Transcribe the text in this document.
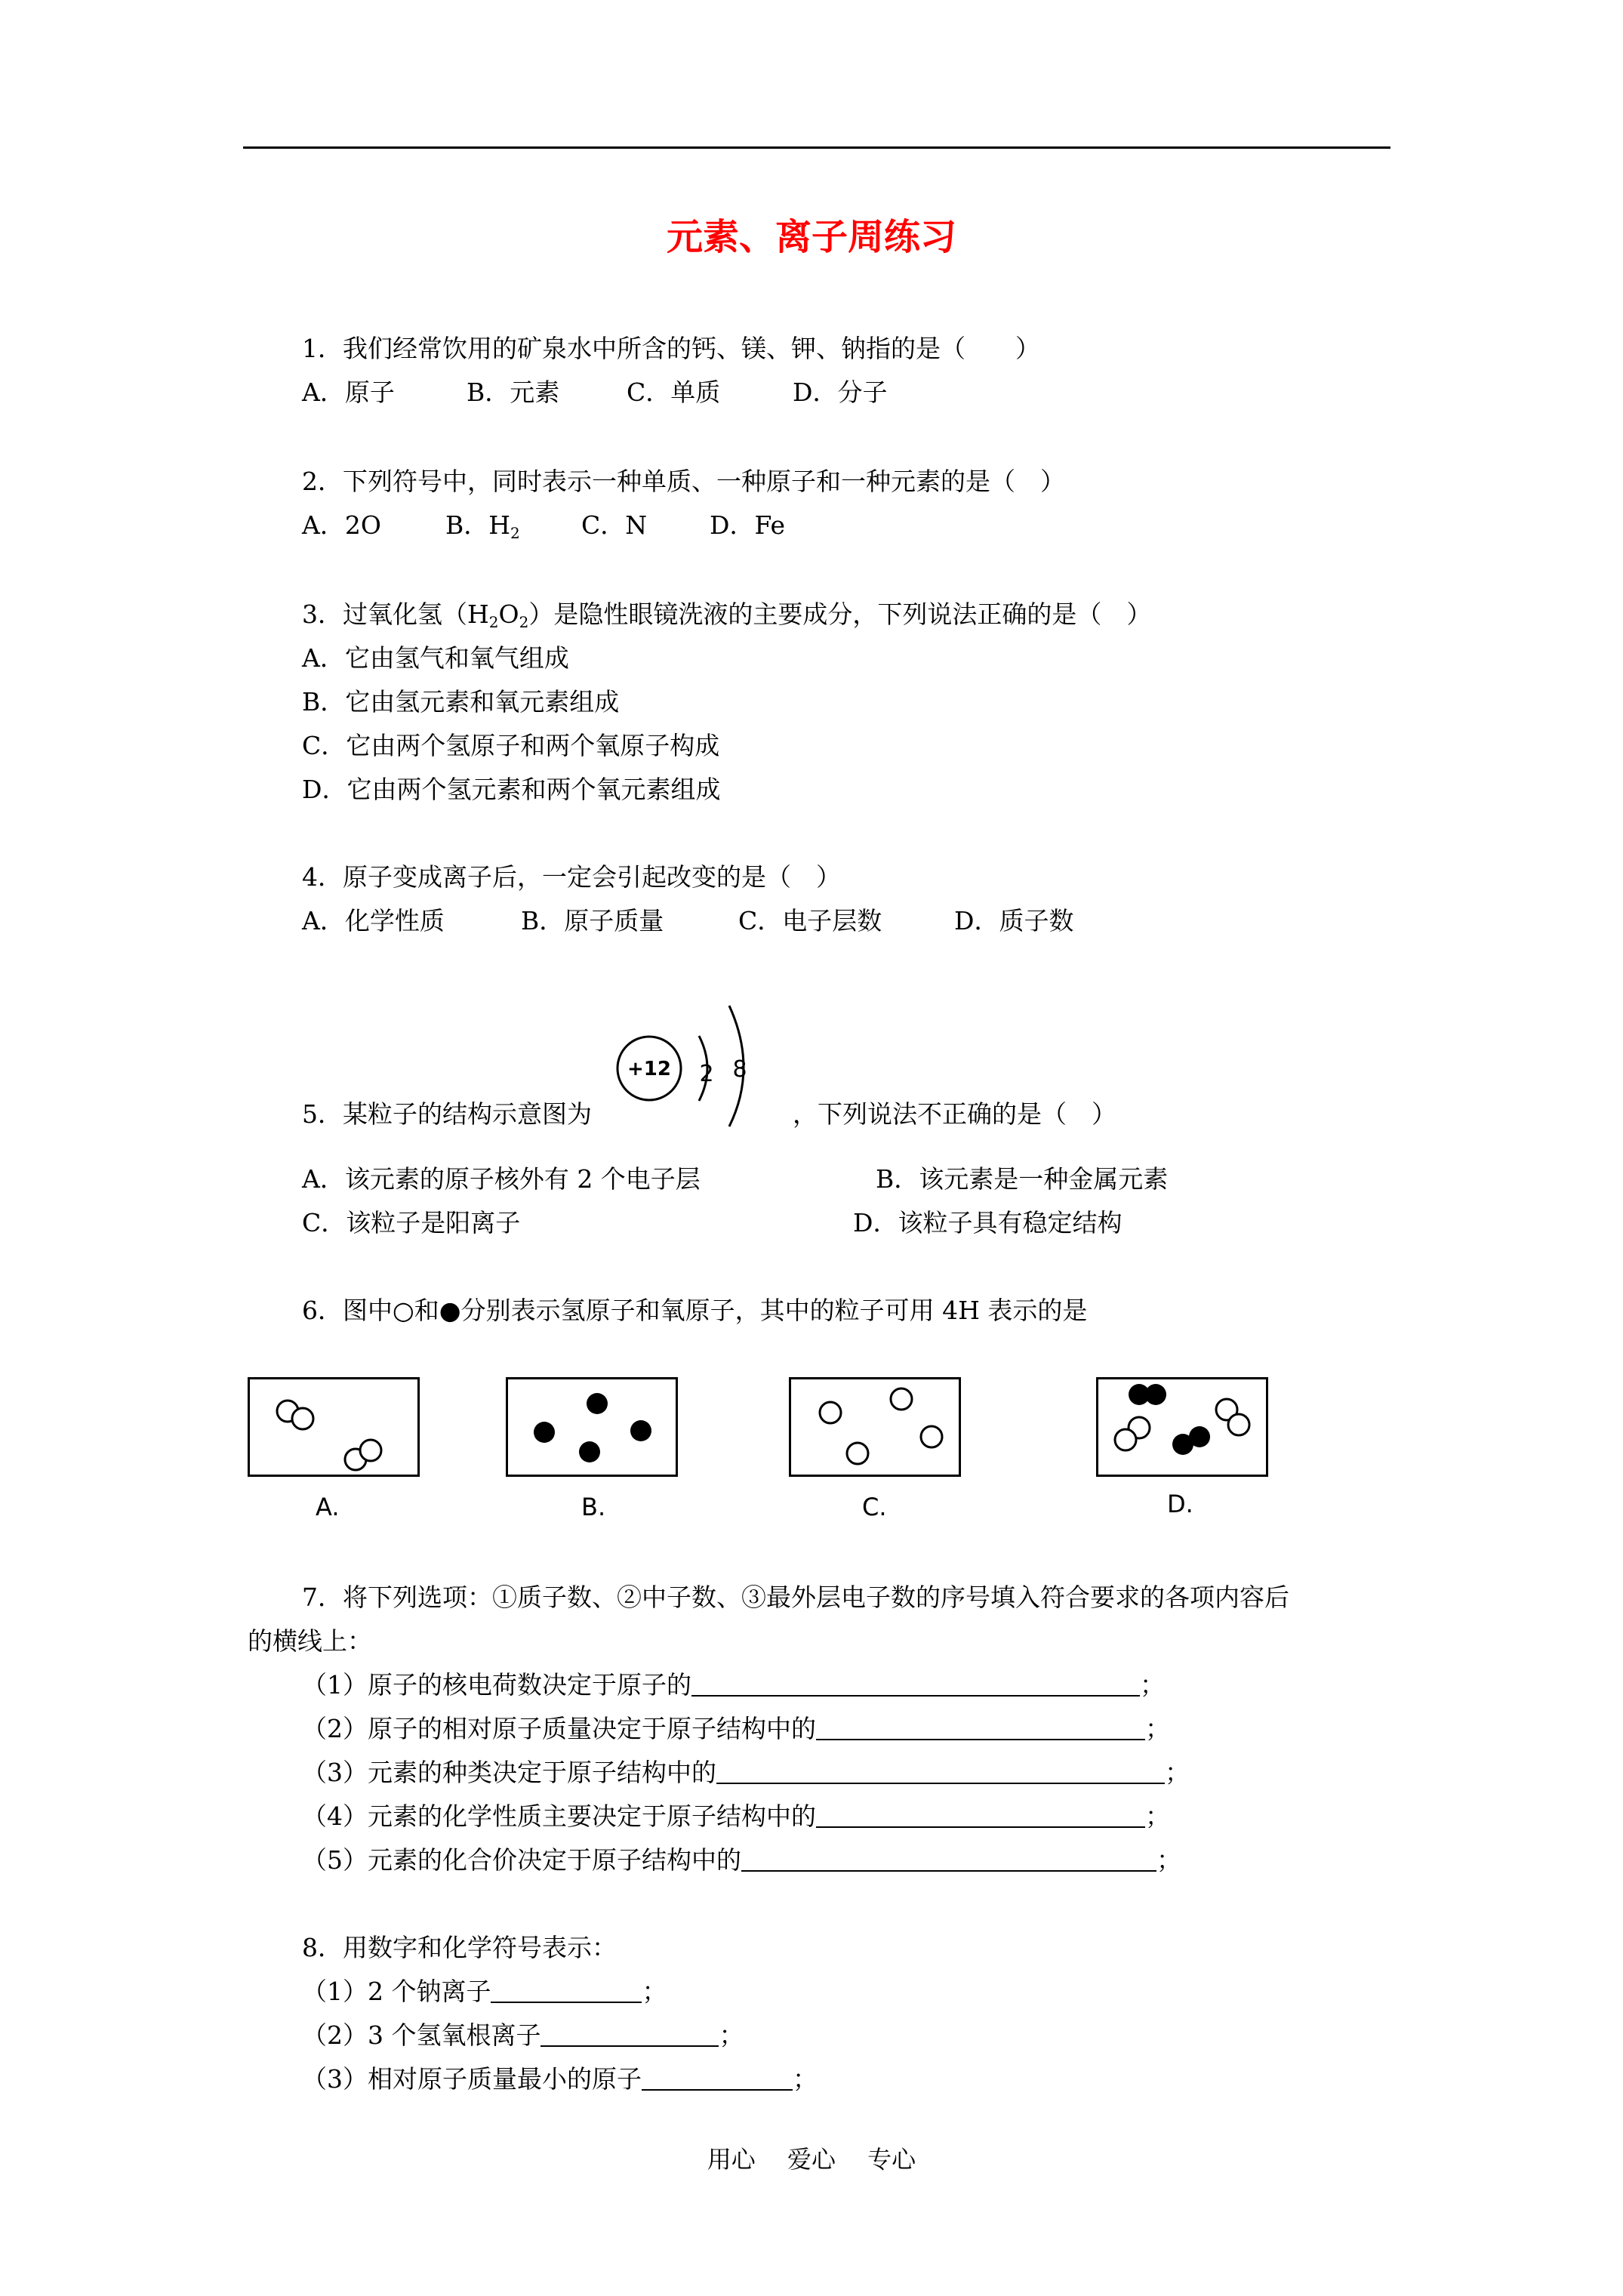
元素、离子周练习
1．我们经常饮用的矿泉水中所含的钙、镁、钾、钠指的是（　　）
A．原子	B．元素	C．单质	D．分子
2．下列符号中，同时表示一种单质、一种原子和一种元素的是（　）
A．2O	B．$H_2$ C．N	D．Fe
3．过氧化氢$(H_2O_2)$是隐性眼镜洗液的主要成分，下列说法正确的是（　）
A．它由氢气和氧气组成
B．它由氢元素和氧元素组成
C．它由两个氢原子和两个氧原子构成
D．它由两个氢元素和两个氧元素组成
4．原子变成离子后，一定会引起改变的是（　）
A．化学性质	B．原子质量	C．电子层数	D．质子数
5．某粒子的结构示意图为
+12 2 8
，下列说法不正确的是（　）
A．该元素的原子核外有 2 个电子层	B．该元素是一种金属元素
C．该粒子是阳离子	D．该粒子具有稳定结构
6．图中○和●分别表示氢原子和氧原子，其中的粒子可用 4H 表示的是
A.	B.	C.	D.
7．将下列选项：①质子数、②中子数、③最外层电子数的序号填入符合要求的各项内容后
的横线上：
（1）原子的核电荷数决定于原子的	；
（2）原子的相对原子质量决定于原子结构中的	；
（3）元素的种类决定于原子结构中的	；
（4）元素的化学性质主要决定于原子结构中的	；
（5）元素的化合价决定于原子结构中的	；
8．用数字和化学符号表示：
（1）2 个钠离子	；
（2）3 个氢氧根离子	；
（3）相对原子质量最小的原子	；
用心 爱心 专心
